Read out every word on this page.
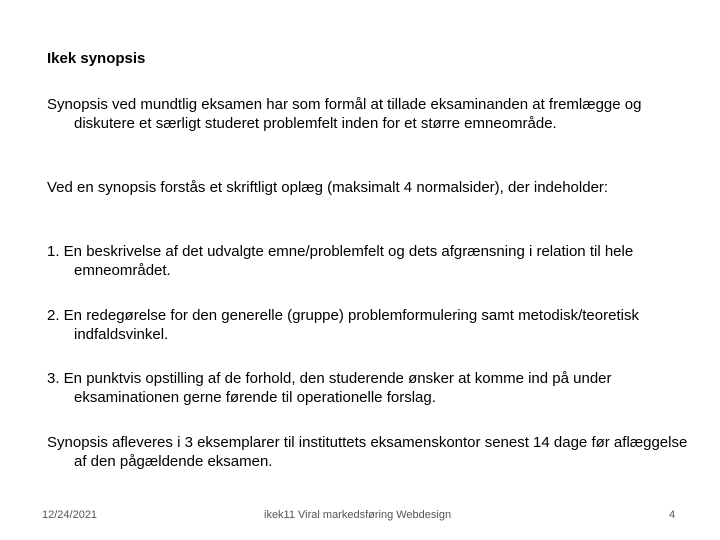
Ikek synopsis
Synopsis ved mundtlig eksamen har som formål at tillade eksaminanden at fremlægge og diskutere et særligt studeret problemfelt inden for et større emneområde.
Ved en synopsis forstås et skriftligt oplæg (maksimalt 4 normalsider), der indeholder:
1. En beskrivelse af det udvalgte emne/problemfelt og dets afgrænsning i relation til hele emneområdet.
2. En redegørelse for den generelle (gruppe) problemformulering samt metodisk/teoretisk indfaldsvinkel.
3. En punktvis opstilling af de forhold, den studerende ønsker at komme ind på under eksaminationen gerne førende til operationelle forslag.
Synopsis afleveres i 3 eksemplarer til instituttets eksamenskontor senest 14 dage før aflæggelse af den pågældende eksamen.
12/24/2021	ikek11 Viral markedsføring Webdesign	4
